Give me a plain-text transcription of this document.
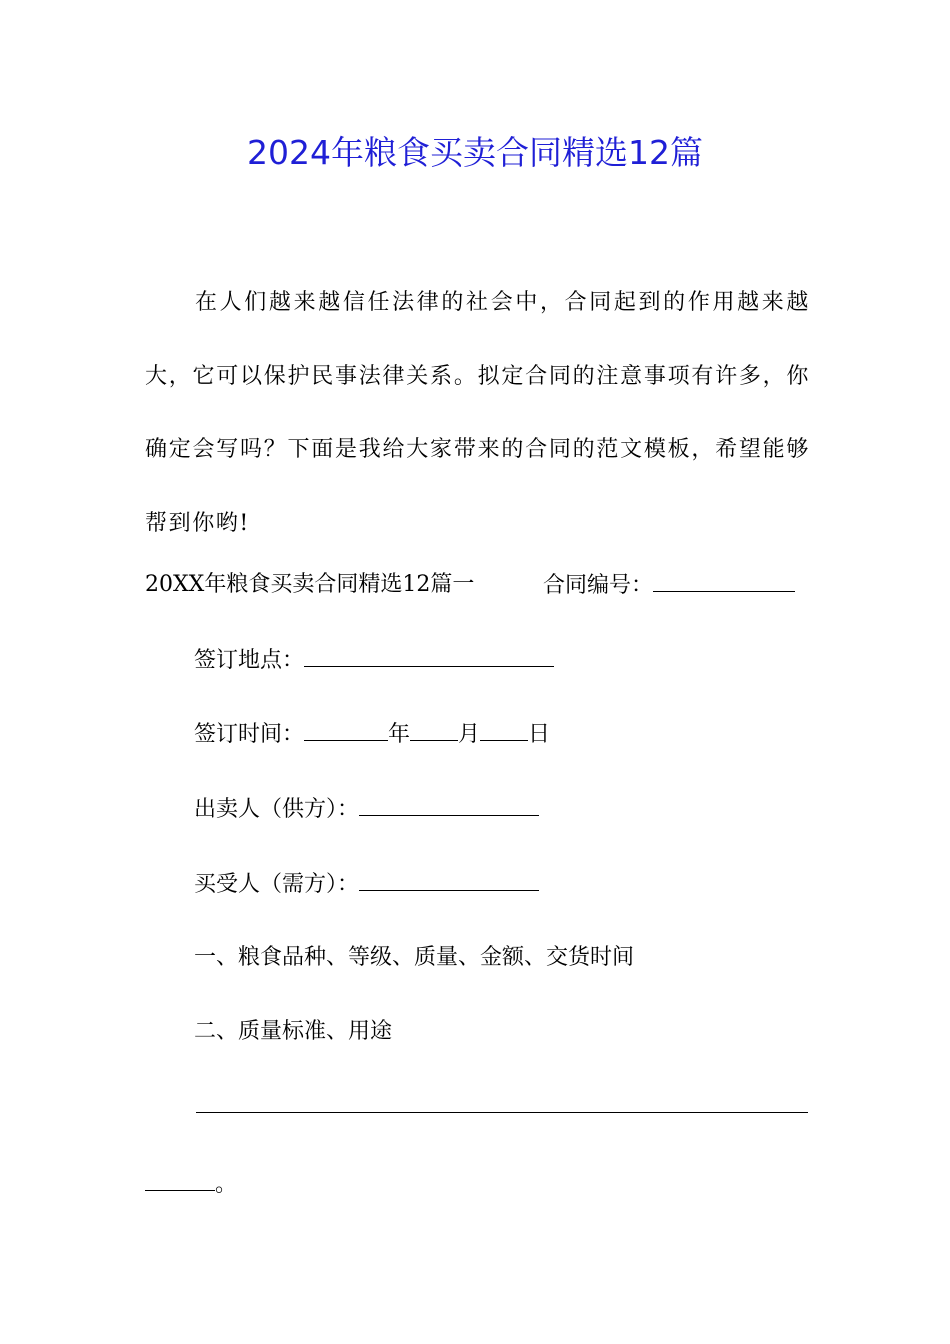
2024年粮食买卖合同精选12篇

在人们越来越信任法律的社会中，合同起到的作用越来越大，它可以保护民事法律关系。拟定合同的注意事项有许多，你确定会写吗？下面是我给大家带来的合同的范文模板，希望能够帮到你哟!

20XX年粮食买卖合同精选12篇一	合同编号：
签订地点：
签订时间：	年 月 日
出卖人（供方）：
买受人（需方）：
一、粮食品种、等级、质量、金额、交货时间
二、质量标准、用途
。
